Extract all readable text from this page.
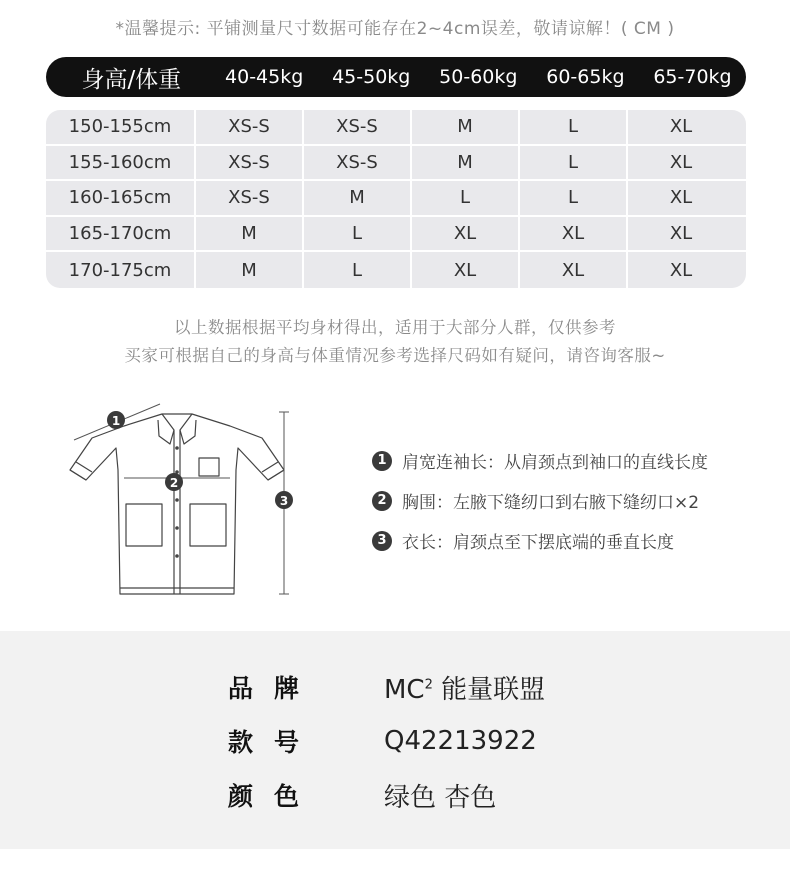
*温馨提示: 平铺测量尺寸数据可能存在2~4cm误差，敬请谅解！( CM )
身高/体重	40-45kg	45-50kg	50-60kg	60-65kg	65-70kg
150-155cm	XS-S	XS-S	M	L	XL
155-160cm	XS-S	XS-S	M	L	XL
160-165cm	XS-S	M	L	L	XL
165-170cm	M	L	XL	XL	XL
170-175cm	M	L	XL	XL	XL
以上数据根据平均身材得出，适用于大部分人群，仅供参考
买家可根据自己的身高与体重情况参考选择尺码如有疑问，请咨询客服~
1
2
3
1 肩宽连袖长：从肩颈点到袖口的直线长度
2 胸围：左腋下缝纫口到右腋下缝纫口×2
3 衣长：肩颈点至下摆底端的垂直长度
品牌 $MC^2$ 能量联盟
款号 Q42213922
颜色 绿色 杏色
